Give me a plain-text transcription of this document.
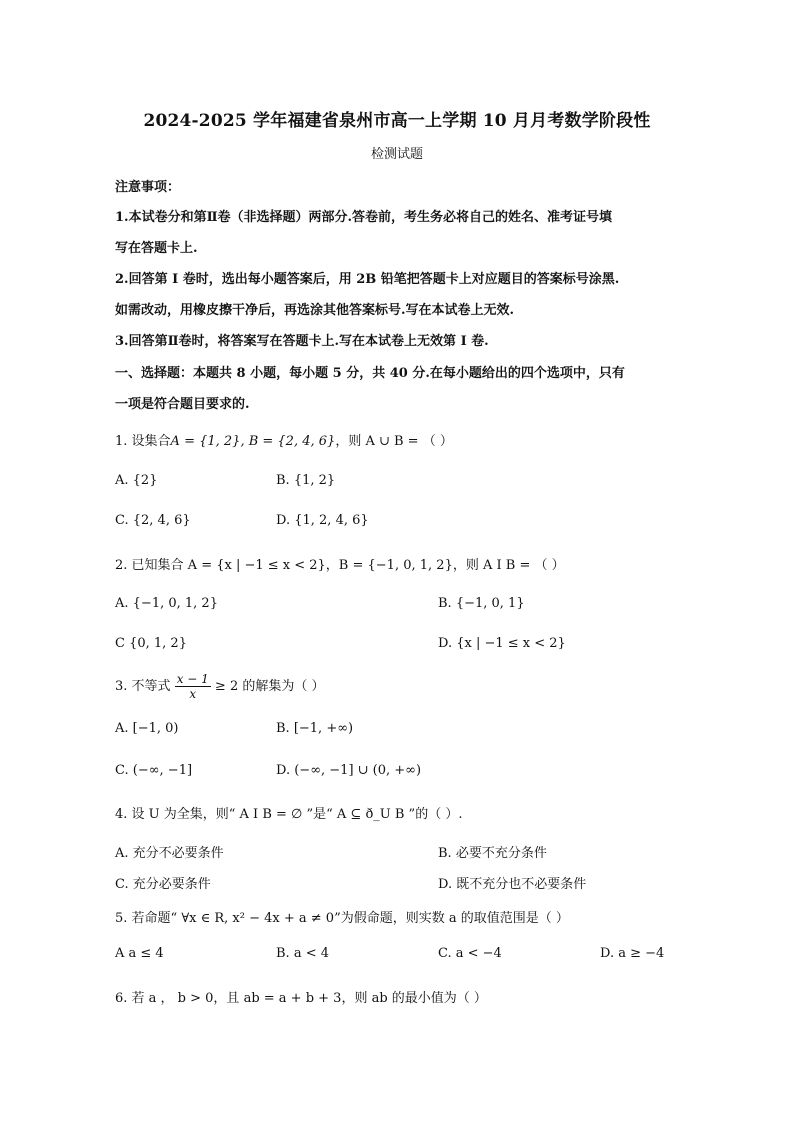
2024-2025 学年福建省泉州市高一上学期 10 月月考数学阶段性
检测试题
注意事项：
1.本试卷分和第Ⅱ卷（非选择题）两部分.答卷前，考生务必将自己的姓名、准考证号填
写在答题卡上.
2.回答第 I 卷时，选出每小题答案后，用 2B 铅笔把答题卡上对应题目的答案标号涂黑.
如需改动，用橡皮擦干净后，再选涂其他答案标号.写在本试卷上无效.
3.回答第Ⅱ卷时，将答案写在答题卡上.写在本试卷上无效第 I 卷.
一、选择题：本题共 8 小题，每小题 5 分，共 40 分.在每小题给出的四个选项中，只有
一项是符合题目要求的.
1. 设集合A = {1, 2}, B = {2, 4, 6}，则 A ∪ B = （ ）
A. {2}	B. {1, 2}
C. {2, 4, 6}	D. {1, 2, 4, 6}
2. 已知集合 A = {x | −1 ≤ x < 2}，B = {−1, 0, 1, 2}，则 A I B = （ ）
A. {−1, 0, 1, 2}	B. {−1, 0, 1}
C {0, 1, 2}	D. {x | −1 ≤ x < 2}
3. 不等式 $\frac{x - 1}{x} \ge 2$ 的解集为（ ）
A. [−1, 0)	B. [−1, +∞)
C. (−∞, −1]	D. (−∞, −1] ∪ (0, +∞)
4. 设 U 为全集，则“ A I B = ∅ ”是“ A ⊆ ð_U B ”的（ ）.
A. 充分不必要条件	B. 必要不充分条件
C. 充分必要条件	D. 既不充分也不必要条件
5. 若命题“ ∀x ∈ R, x² − 4x + a ≠ 0”为假命题，则实数 a 的取值范围是（ ）
A a ≤ 4	B. a < 4	C. a < −4	D. a ≥ −4
6. 若 a ， b > 0，且 ab = a + b + 3，则 ab 的最小值为（ ）
